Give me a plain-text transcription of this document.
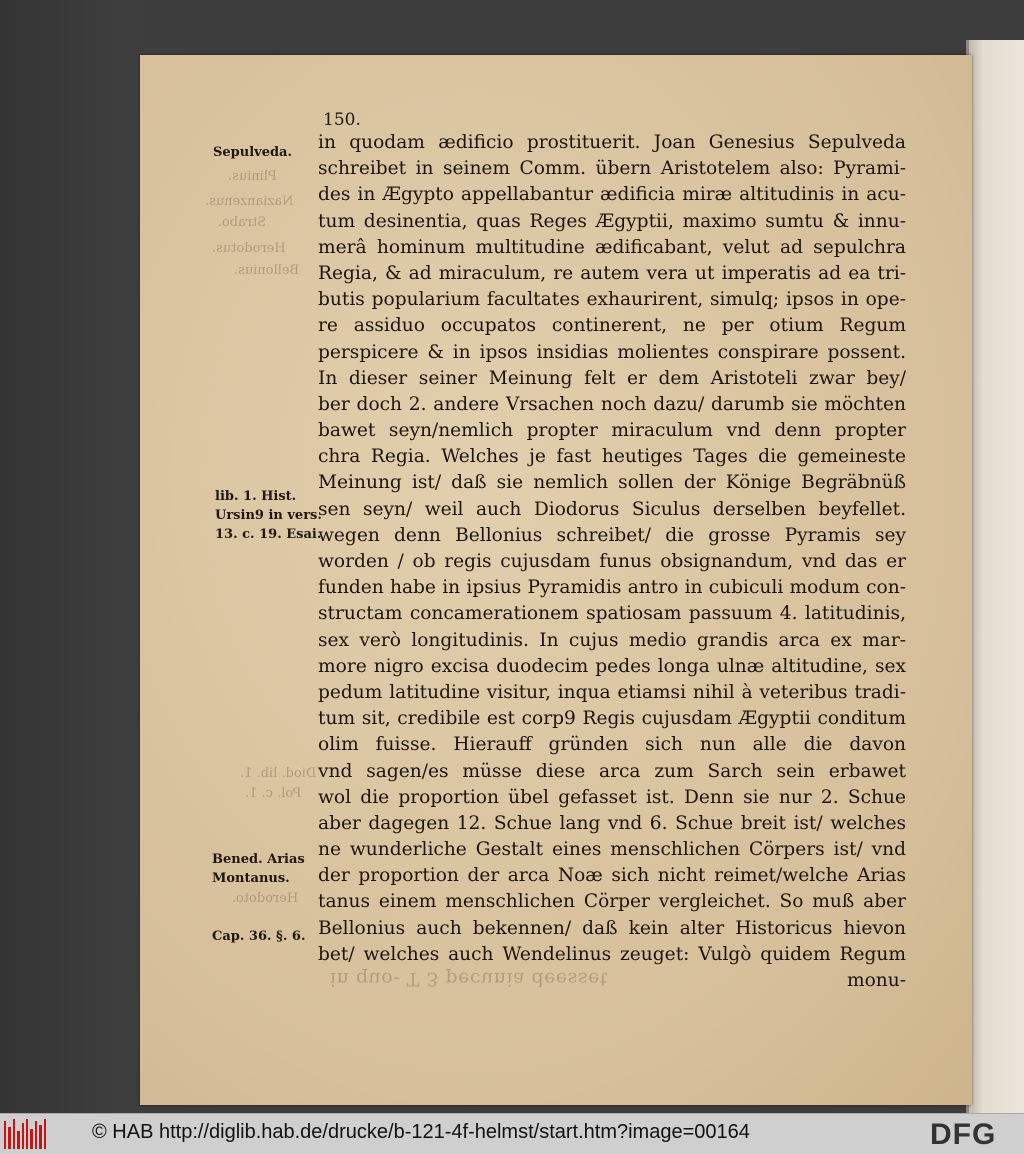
in quo- T 3 pecunia deesset
150.
Sepulveda.
Plinius.
Nazianzenus.
Strabo.
Herodotus.
Bellonius.
lib. 1. Hist.
Ursin9 in vers.
13. c. 19. Esai.
Diod. lib. 1.
Pol. c. 1.
Bened. Arias
Montanus.
Herodoto.
Cap. 36. §. 6.
in quodam ædificio prostituerit. Joan Genesius Sepulveda
schreibet in seinem Comm. übern Aristotelem also: Pyrami-
des in Ægypto appellabantur ædificia miræ altitudinis in acu-
tum desinentia, quas Reges Ægyptii, maximo sumtu & innu-
merâ hominum multitudine ædificabant, velut ad sepulchra
Regia, & ad miraculum, re autem vera ut imperatis ad ea tri-
butis popularium facultates exhaurirent, simulq; ipsos in ope-
re assiduo occupatos continerent, ne per otium Regum
perspicere & in ipsos insidias molientes conspirare possent.
In dieser seiner Meinung felt er dem Aristoteli zwar bey/
ber doch 2. andere Vrsachen noch dazu/ darumb sie möchten
bawet seyn/nemlich propter miraculum vnd denn propter
chra Regia. Welches je fast heutiges Tages die gemeineste
Meinung ist/ daß sie nemlich sollen der Könige Begräbnüß
sen seyn/ weil auch Diodorus Siculus derselben beyfellet.
wegen denn Bellonius schreibet/ die grosse Pyramis sey
worden / ob regis cujusdam funus obsignandum, vnd das er
funden habe in ipsius Pyramidis antro in cubiculi modum con-
structam concamerationem spatiosam passuum 4. latitudinis,
sex verò longitudinis. In cujus medio grandis arca ex mar-
more nigro excisa duodecim pedes longa ulnæ altitudine, sex
pedum latitudine visitur, inqua etiamsi nihil à veteribus tradi-
tum sit, credibile est corp9 Regis cujusdam Ægyptii conditum
olim fuisse. Hierauff gründen sich nun alle die davon
vnd sagen/es müsse diese arca zum Sarch sein erbawet
wol die proportion übel gefasset ist. Denn sie nur 2. Schue
aber dagegen 12. Schue lang vnd 6. Schue breit ist/ welches
ne wunderliche Gestalt eines menschlichen Cörpers ist/ vnd
der proportion der arca Noæ sich nicht reimet/welche Arias
tanus einem menschlichen Cörper vergleichet. So muß aber
Bellonius auch bekennen/ daß kein alter Historicus hievon
bet/ welches auch Wendelinus zeuget: Vulgò quidem Regum
monu-
© HAB http://diglib.hab.de/drucke/b-121-4f-helmst/start.htm?image=00164	DFG
